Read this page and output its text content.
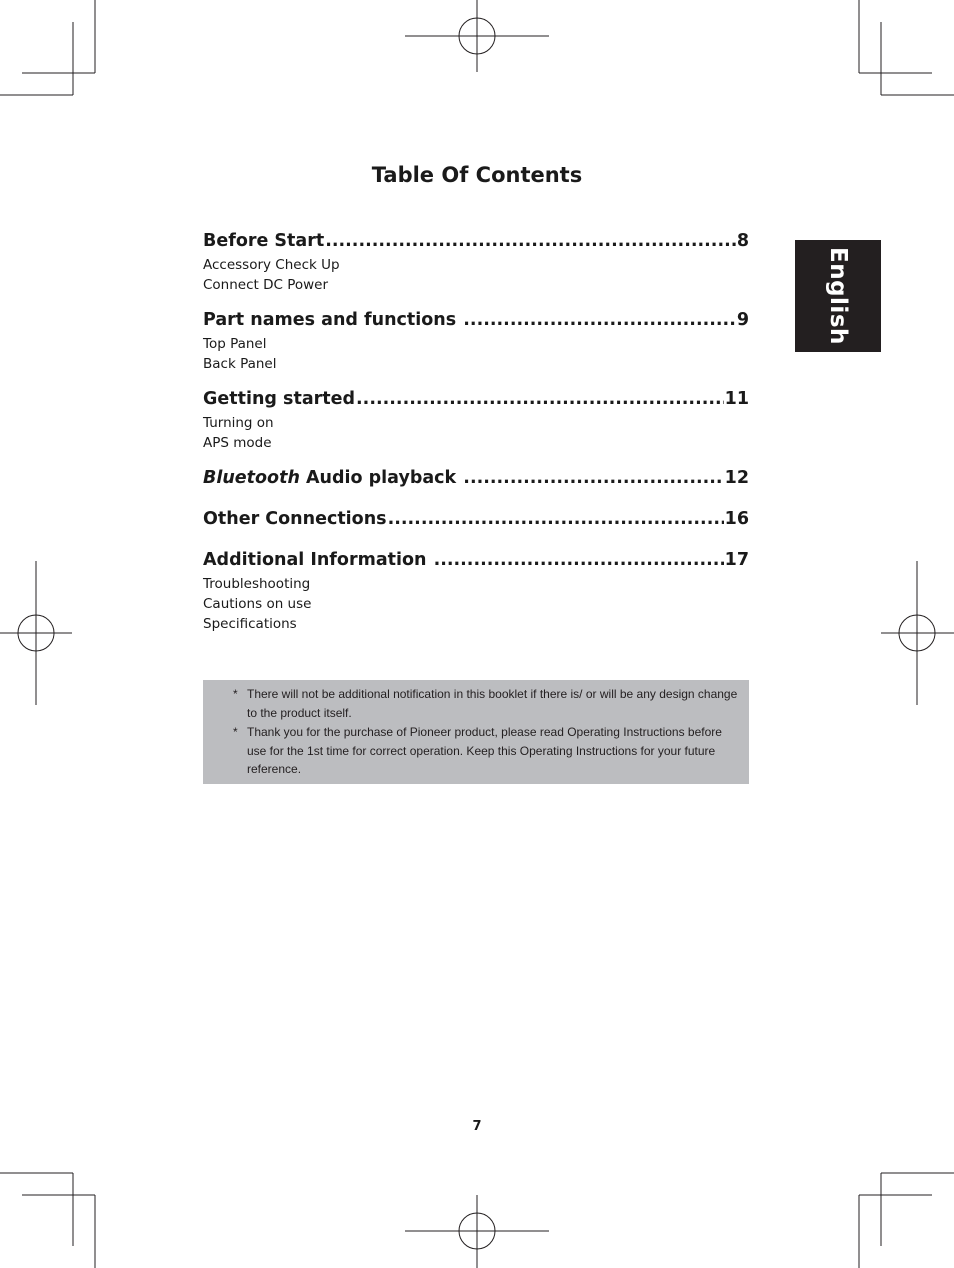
Table Of Contents
English
Before Start .....	8
Accessory Check Up
Connect DC Power
Part names and functions .....	9
Top Panel
Back Panel
Getting started .....	11
Turning on
APS mode
Bluetooth Audio playback .....	12
Other Connections .....	16
Additional Information .....	17
Troubleshooting
Cautions on use
Specifications
* There will not be additional notification in this booklet if there is/ or will be any design change to the product itself.
* Thank you for the purchase of Pioneer product, please read Operating Instructions before use for the 1st time for correct operation. Keep this Operating Instructions for your future reference.
7
